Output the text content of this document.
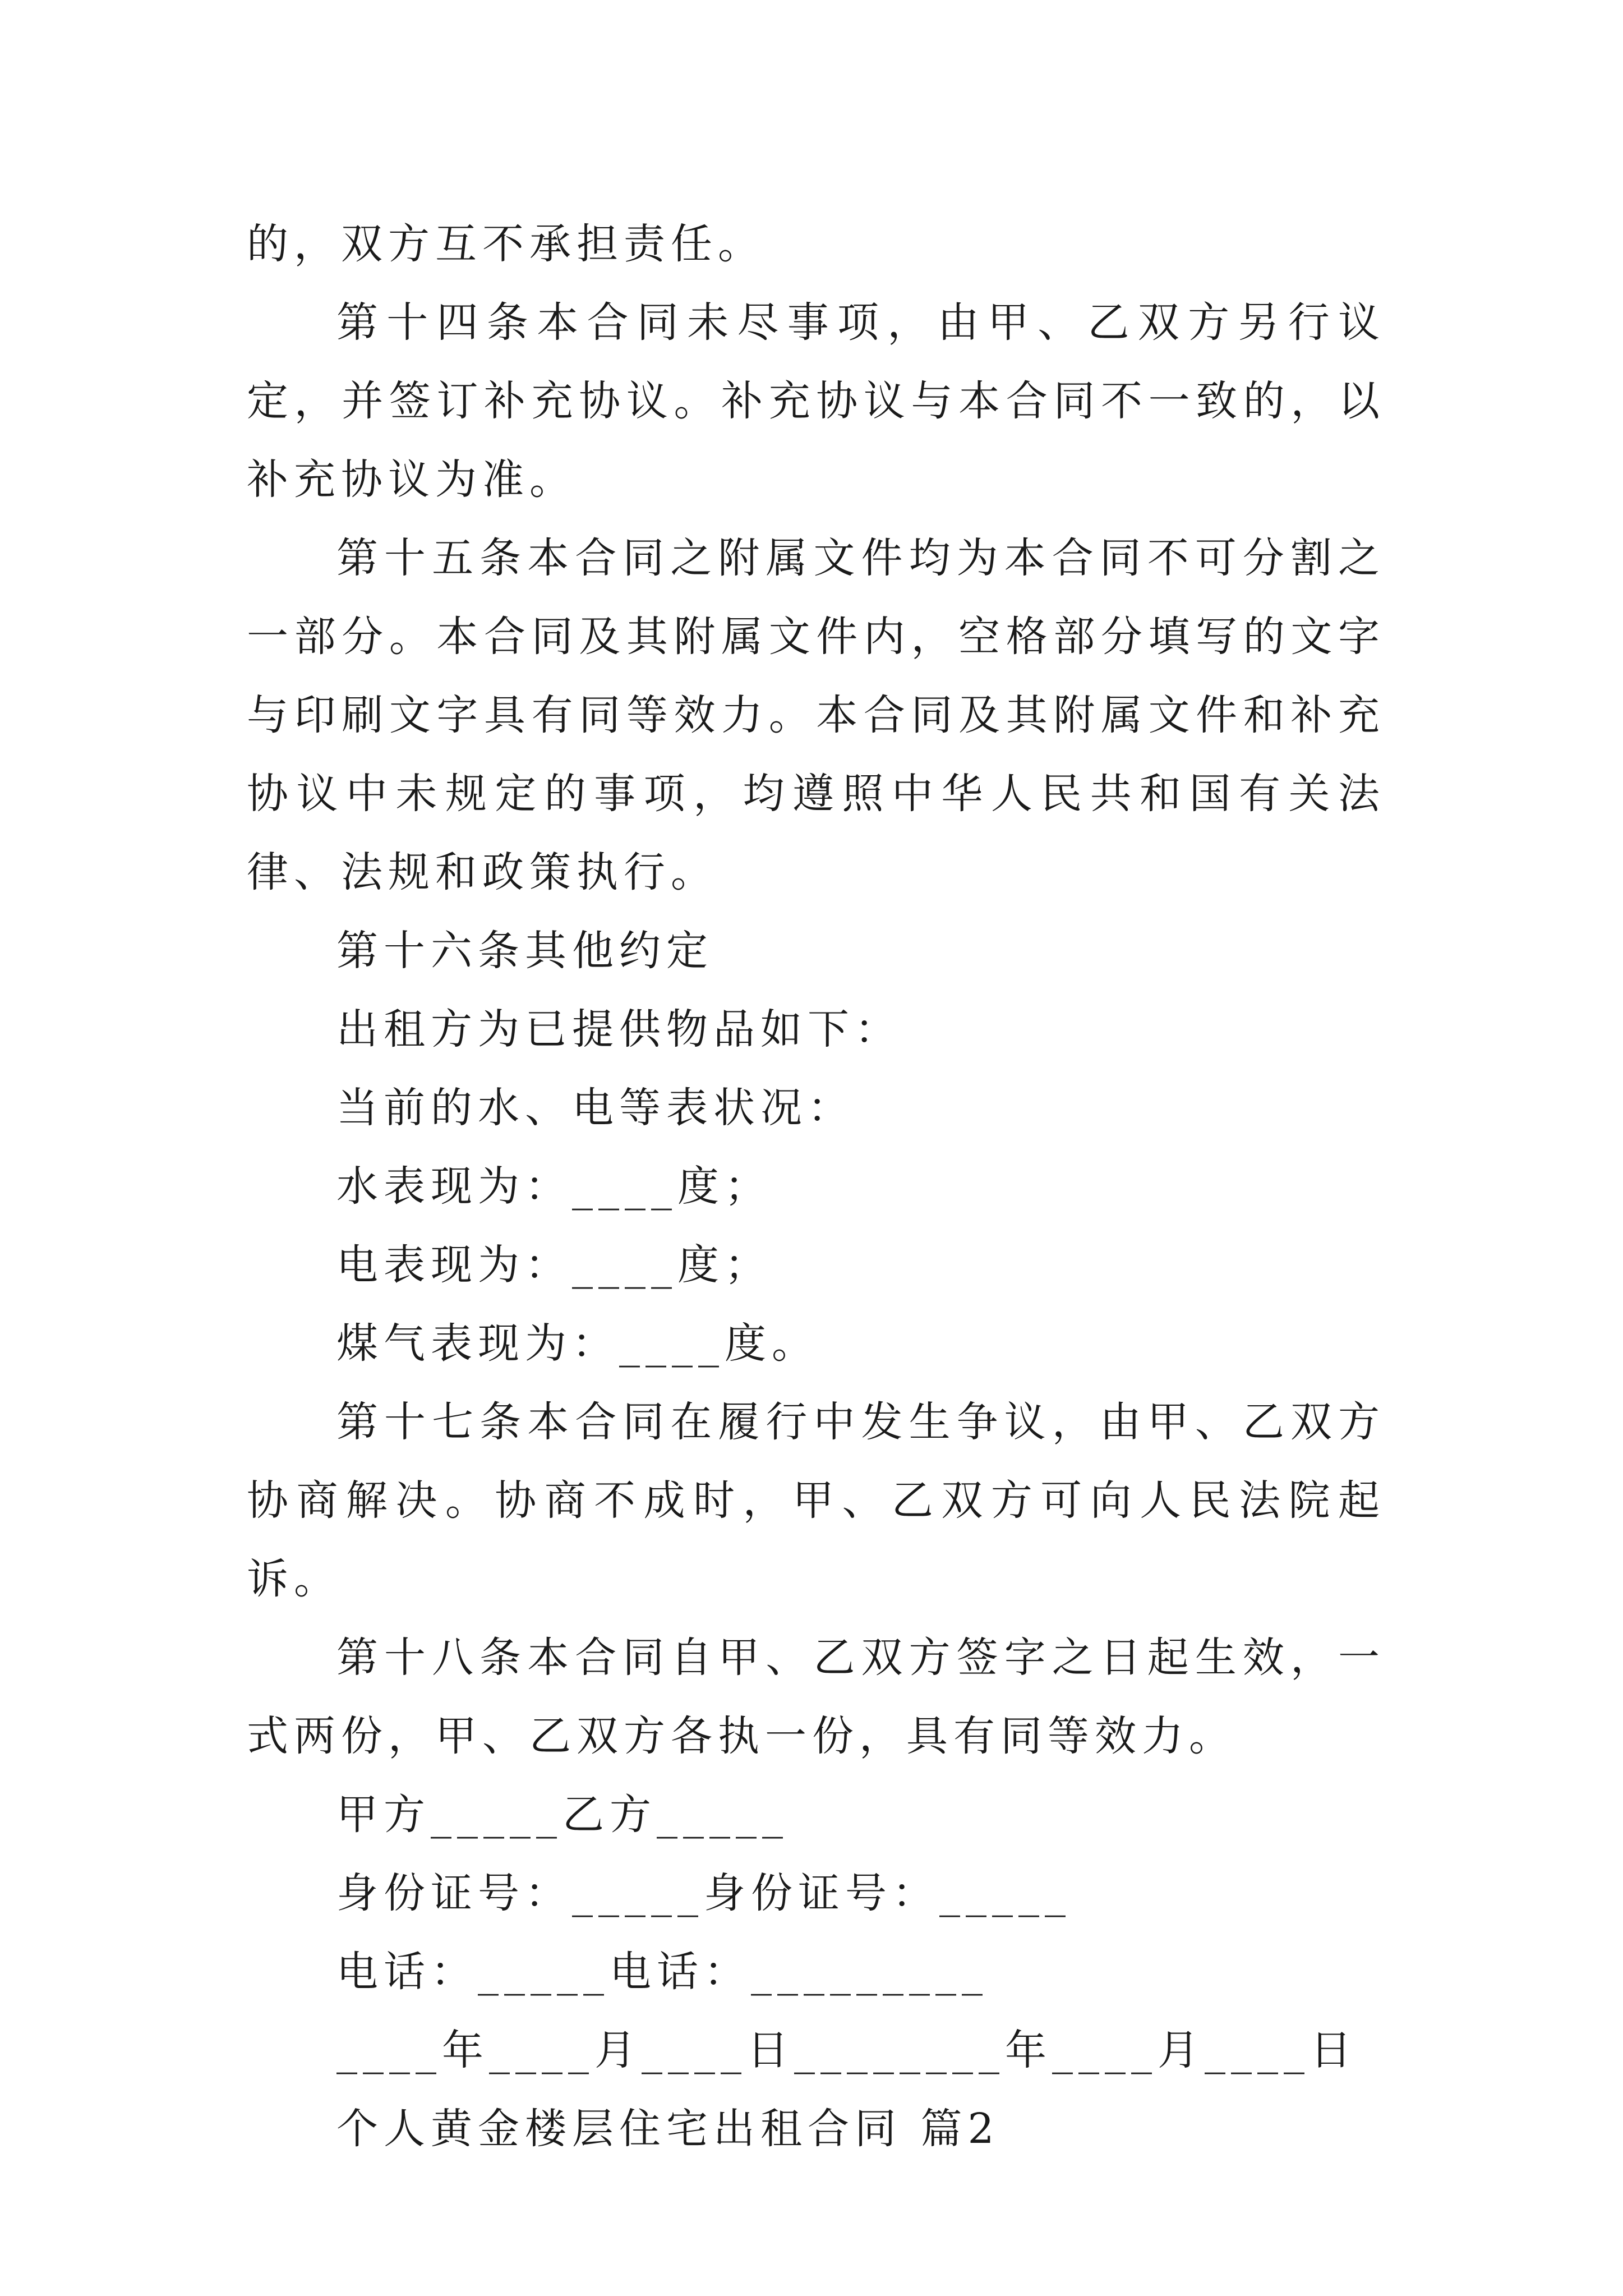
的，双方互不承担责任。

第十四条本合同未尽事项，由甲、乙双方另行议定，并签订补充协议。补充协议与本合同不一致的，以补充协议为准。

第十五条本合同之附属文件均为本合同不可分割之一部分。本合同及其附属文件内，空格部分填写的文字与印刷文字具有同等效力。本合同及其附属文件和补充协议中未规定的事项，均遵照中华人民共和国有关法律、法规和政策执行。

第十六条其他约定

出租方为已提供物品如下：

当前的水、电等表状况：

水表现为：____度；

电表现为：____度；

煤气表现为：____度。

第十七条本合同在履行中发生争议，由甲、乙双方协商解决。协商不成时，甲、乙双方可向人民法院起诉。

第十八条本合同自甲、乙双方签字之日起生效，一式两份，甲、乙双方各执一份，具有同等效力。

甲方_____乙方_____

身份证号：_____身份证号：_____

电话：_____电话：_________

____年____月____日________年____月____日

个人黄金楼层住宅出租合同 篇2
